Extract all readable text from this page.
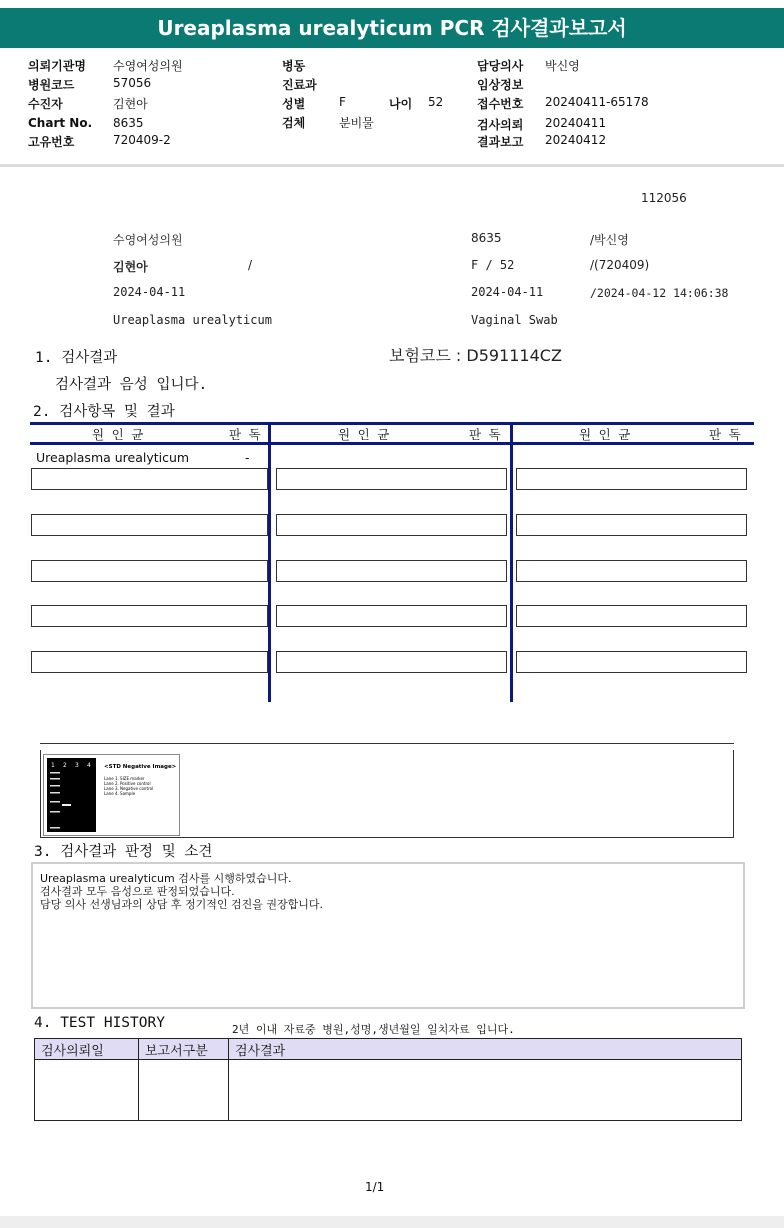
Ureaplasma urealyticum PCR 검사결과보고서
의뢰기관명 수영여성의원
병원코드	57056
수진자	김현아
Chart No. 8635
고유번호	720409-2
병동
진료과
성별	F	나이 52
검체	분비물
담당의사 박신영
임상정보
접수번호 20240411-65178
검사의뢰 20240411
결과보고 20240412
112056
수영여성의원	8635	/박신영
김현아	/	F / 52	/(720409)
2024-04-11	2024-04-11	/2024-04-12 14:06:38
Ureaplasma urealyticum	Vaginal Swab
1. 검사결과	보험코드 : D591114CZ
검사결과 음성 입니다.
2. 검사항목 및 결과
원 인 균	판 독	원 인 균	판 독	원 인 균	판 독
Ureaplasma urealyticum	-
1 2 3 4 <STD Negative Image>
Lane 1. SIZE marker
Lane 2. Positive control
Lane 3. Negative control
Lane 4. Sample
3. 검사결과 판정 및 소견
Ureaplasma urealyticum 검사를 시행하였습니다.
검사결과 모두 음성으로 판정되었습니다.
담당 의사 선생님과의 상담 후 정기적인 검진을 권장합니다.
4. TEST HISTORY	2년 이내 자료중 병원,성명,생년월일 일치자료 입니다.
검사의뢰일	보고서구분	검사결과

1/1
